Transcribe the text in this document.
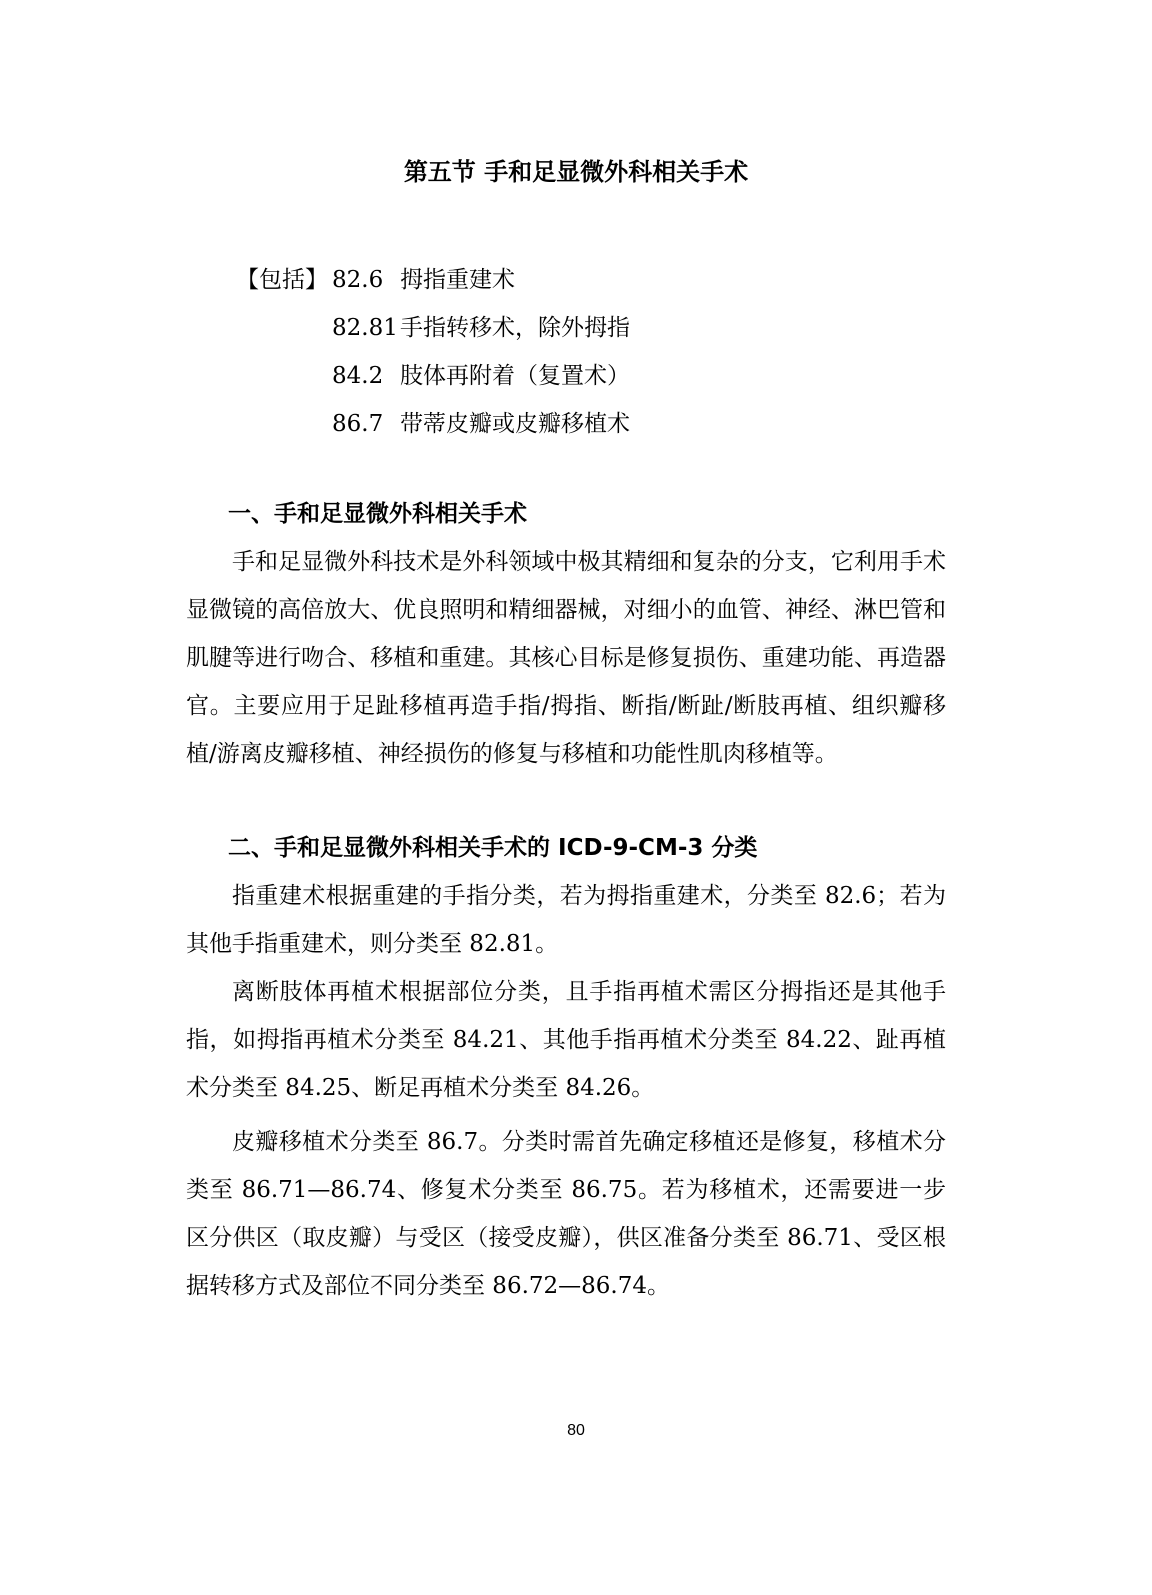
第五节 手和足显微外科相关手术
【包括】 82.6 拇指重建术
82.81 手指转移术，除外拇指
84.2 肢体再附着（复置术）
86.7 带蒂皮瓣或皮瓣移植术
一、手和足显微外科相关手术
手和足显微外科技术是外科领域中极其精细和复杂的分支，它利用手术显微镜的高倍放大、优良照明和精细器械，对细小的血管、神经、淋巴管和肌腱等进行吻合、移植和重建。其核心目标是修复损伤、重建功能、再造器官。主要应用于足趾移植再造手指/拇指、断指/断趾/断肢再植、组织瓣移植/游离皮瓣移植、神经损伤的修复与移植和功能性肌肉移植等。
二、手和足显微外科相关手术的 ICD-9-CM-3 分类
指重建术根据重建的手指分类，若为拇指重建术，分类至 82.6；若为其他手指重建术，则分类至 82.81。
离断肢体再植术根据部位分类，且手指再植术需区分拇指还是其他手指，如拇指再植术分类至 84.21、其他手指再植术分类至 84.22、趾再植术分类至 84.25、断足再植术分类至 84.26。
皮瓣移植术分类至 86.7。分类时需首先确定移植还是修复，移植术分类至 86.71—86.74、修复术分类至 86.75。若为移植术，还需要进一步区分供区（取皮瓣）与受区（接受皮瓣），供区准备分类至 86.71、受区根据转移方式及部位不同分类至 86.72—86.74。
80
